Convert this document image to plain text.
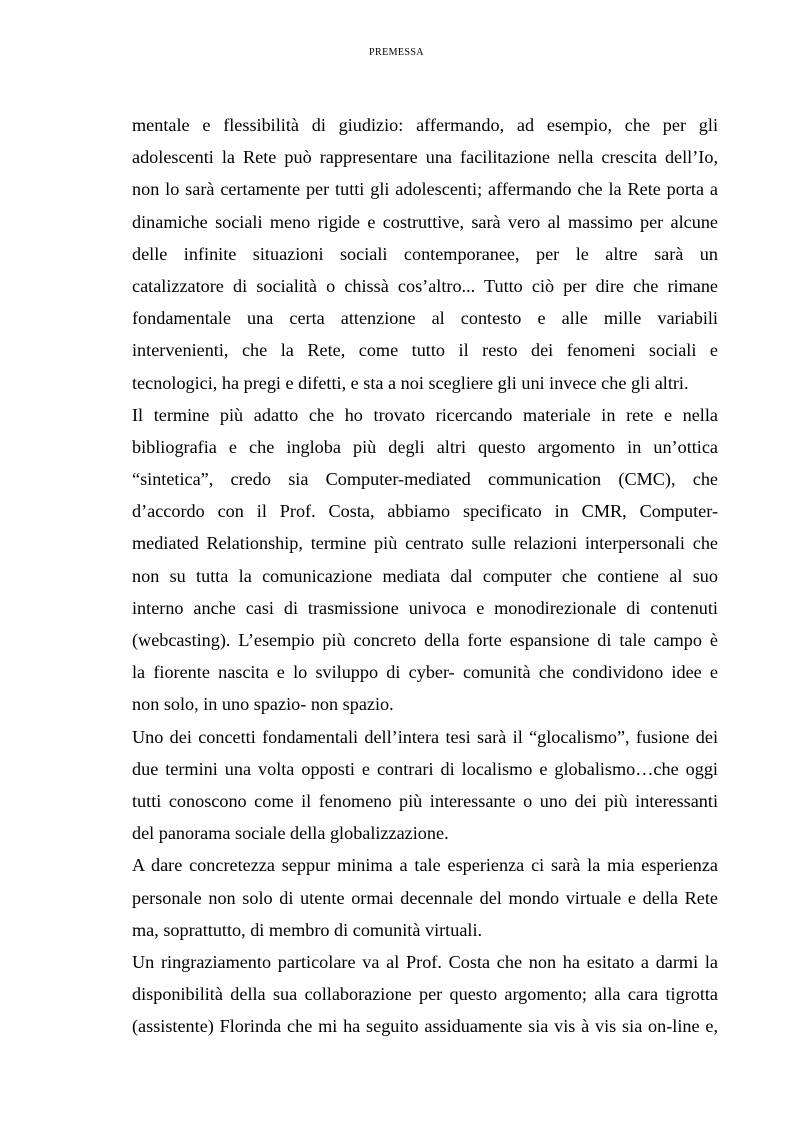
PREMESSA
mentale e flessibilità di giudizio: affermando, ad esempio, che per gli
adolescenti la Rete può rappresentare una facilitazione nella crescita dell’Io,
non lo sarà certamente per tutti gli adolescenti; affermando che la Rete porta a
dinamiche sociali meno rigide e costruttive, sarà vero al massimo per alcune
delle infinite situazioni sociali contemporanee, per le altre sarà un
catalizzatore di socialità o chissà cos’altro... Tutto ciò per dire che rimane
fondamentale una certa attenzione al contesto e alle mille variabili
intervenienti, che la Rete, come tutto il resto dei fenomeni sociali e
tecnologici, ha pregi e difetti, e sta a noi scegliere gli uni invece che gli altri.
Il termine più adatto che ho trovato ricercando materiale in rete e nella
bibliografia e che ingloba più degli altri questo argomento in un’ottica
“sintetica”, credo sia Computer-mediated communication (CMC), che
d’accordo con il Prof. Costa, abbiamo specificato in CMR, Computer-
mediated Relationship, termine più centrato sulle relazioni interpersonali che
non su tutta la comunicazione mediata dal computer che contiene al suo
interno anche casi di trasmissione univoca e monodirezionale di contenuti
(webcasting). L’esempio più concreto della forte espansione di tale campo è
la fiorente nascita e lo sviluppo di cyber- comunità che condividono idee e
non solo, in uno spazio- non spazio.
Uno dei concetti fondamentali dell’intera tesi sarà il “glocalismo”, fusione dei
due termini una volta opposti e contrari di localismo e globalismo…che oggi
tutti conoscono come il fenomeno più interessante o uno dei più interessanti
del panorama sociale della globalizzazione.
A dare concretezza seppur minima a tale esperienza ci sarà la mia esperienza
personale non solo di utente ormai decennale del mondo virtuale e della Rete
ma, soprattutto, di membro di comunità virtuali.
Un ringraziamento particolare va al Prof. Costa che non ha esitato a darmi la
disponibilità della sua collaborazione per questo argomento; alla cara tigrotta
(assistente) Florinda che mi ha seguito assiduamente sia vis à vis sia on-line e,
